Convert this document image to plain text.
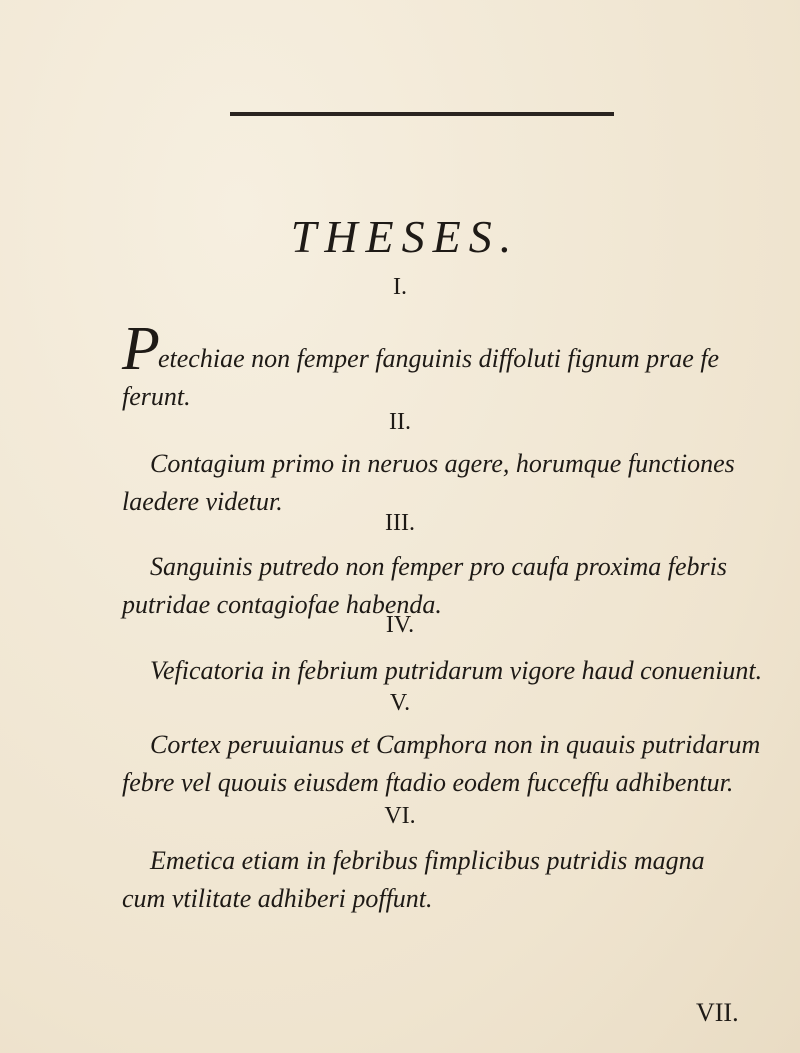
THESES.
I.
P

etechiae non femper fanguinis diffoluti fignum prae fe
ferunt.

II.

Contagium primo in neruos agere, horumque functiones
laedere videtur.

III.

Sanguinis putredo non femper pro caufa proxima febris
putridae contagiofae habenda.

IV.

Veficatoria in febrium putridarum vigore haud conueniunt.

V.

Cortex peruuianus et Camphora non in quauis putridarum
febre vel quouis eiusdem ftadio eodem fucceffu adhibentur.

VI.

Emetica etiam in febribus fimplicibus putridis magna
cum vtilitate adhiberi poffunt.

VII.
